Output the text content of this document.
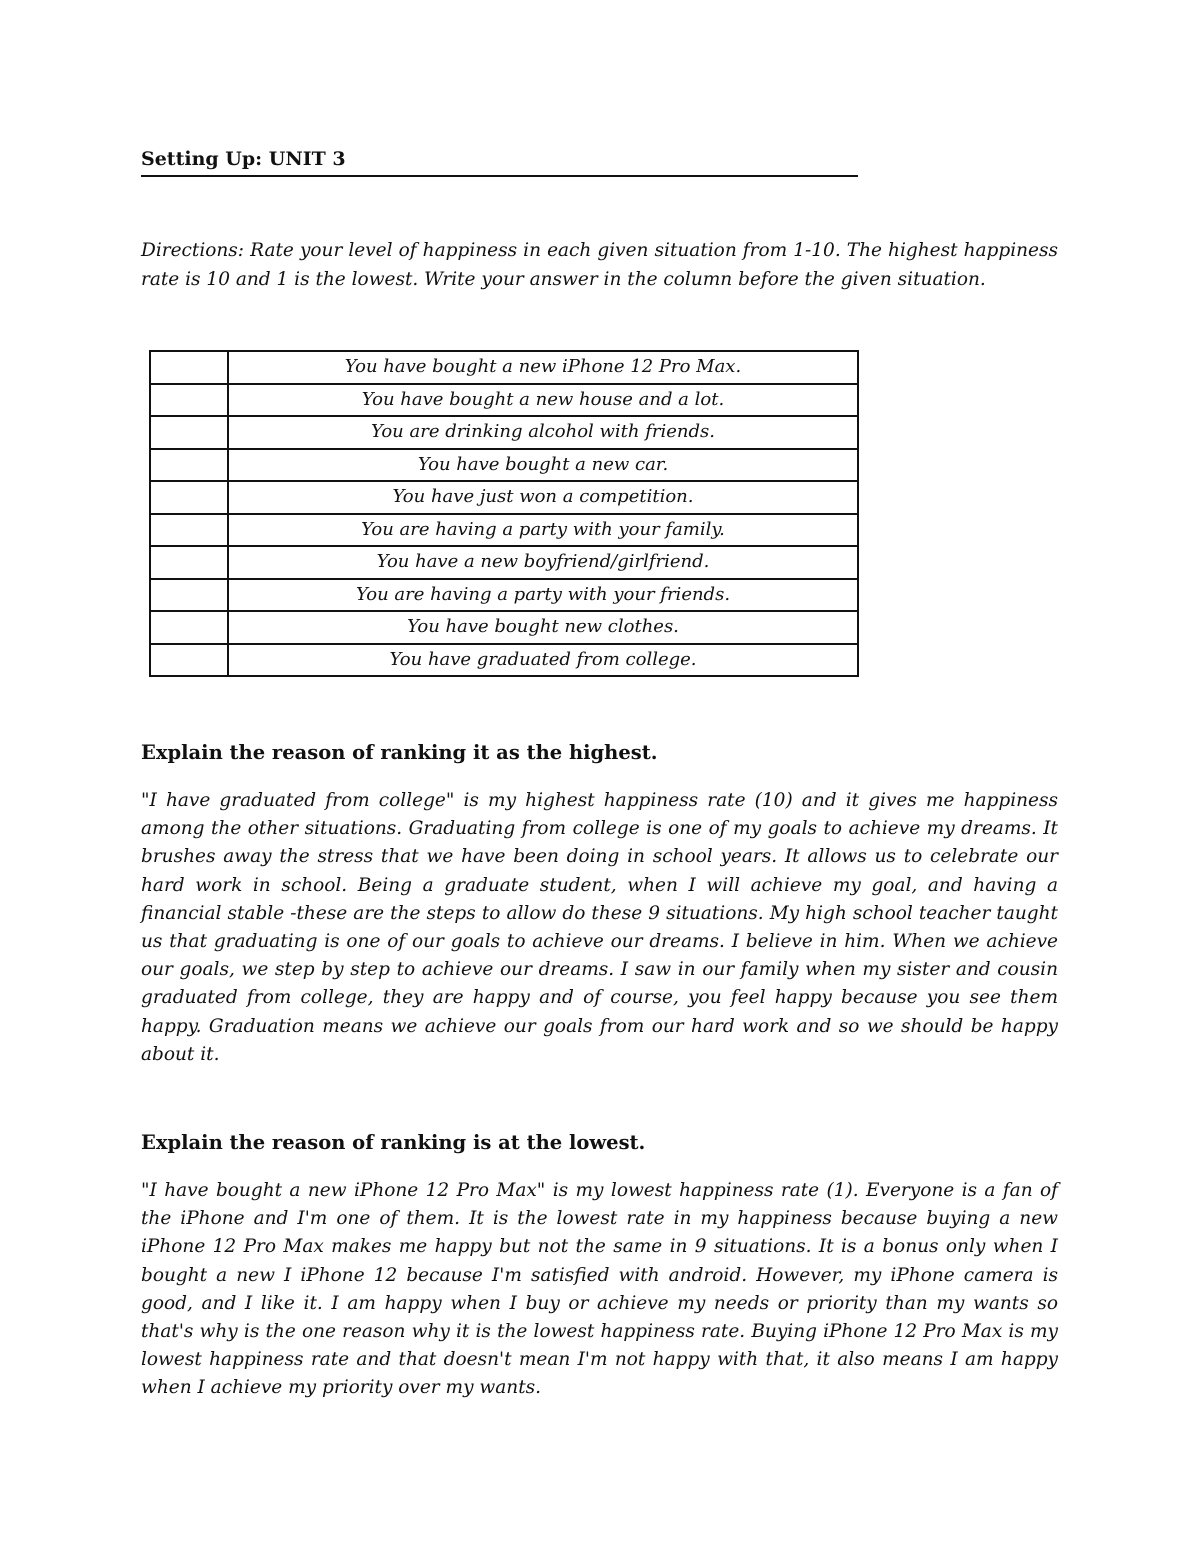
Setting Up: UNIT 3

Directions: Rate your level of happiness in each given situation from 1-10. The highest happiness rate is 10 and 1 is the lowest. Write your answer in the column before the given situation.

	You have bought a new iPhone 12 Pro Max.
	You have bought a new house and a lot.
	You are drinking alcohol with friends.
	You have bought a new car.
	You have just won a competition.
	You are having a party with your family.
	You have a new boyfriend/girlfriend.
	You are having a party with your friends.
	You have bought new clothes.
	You have graduated from college.
Explain the reason of ranking it as the highest.

"I have graduated from college" is my highest happiness rate (10) and it gives me happiness among the other situations. Graduating from college is one of my goals to achieve my dreams. It brushes away the stress that we have been doing in school years. It allows us to celebrate our hard work in school. Being a graduate student, when I will achieve my goal, and having a financial stable -these are the steps to allow do these 9 situations. My high school teacher taught us that graduating is one of our goals to achieve our dreams. I believe in him. When we achieve our goals, we step by step to achieve our dreams. I saw in our family when my sister and cousin graduated from college, they are happy and of course, you feel happy because you see them happy. Graduation means we achieve our goals from our hard work and so we should be happy about it.

Explain the reason of ranking is at the lowest.

"I have bought a new iPhone 12 Pro Max" is my lowest happiness rate (1). Everyone is a fan of the iPhone and I'm one of them. It is the lowest rate in my happiness because buying a new iPhone 12 Pro Max makes me happy but not the same in 9 situations. It is a bonus only when I bought a new I iPhone 12 because I'm satisfied with android. However, my iPhone camera is good, and I like it. I am happy when I buy or achieve my needs or priority than my wants so that's why is the one reason why it is the lowest happiness rate. Buying iPhone 12 Pro Max is my lowest happiness rate and that doesn't mean I'm not happy with that, it also means I am happy when I achieve my priority over my wants.
